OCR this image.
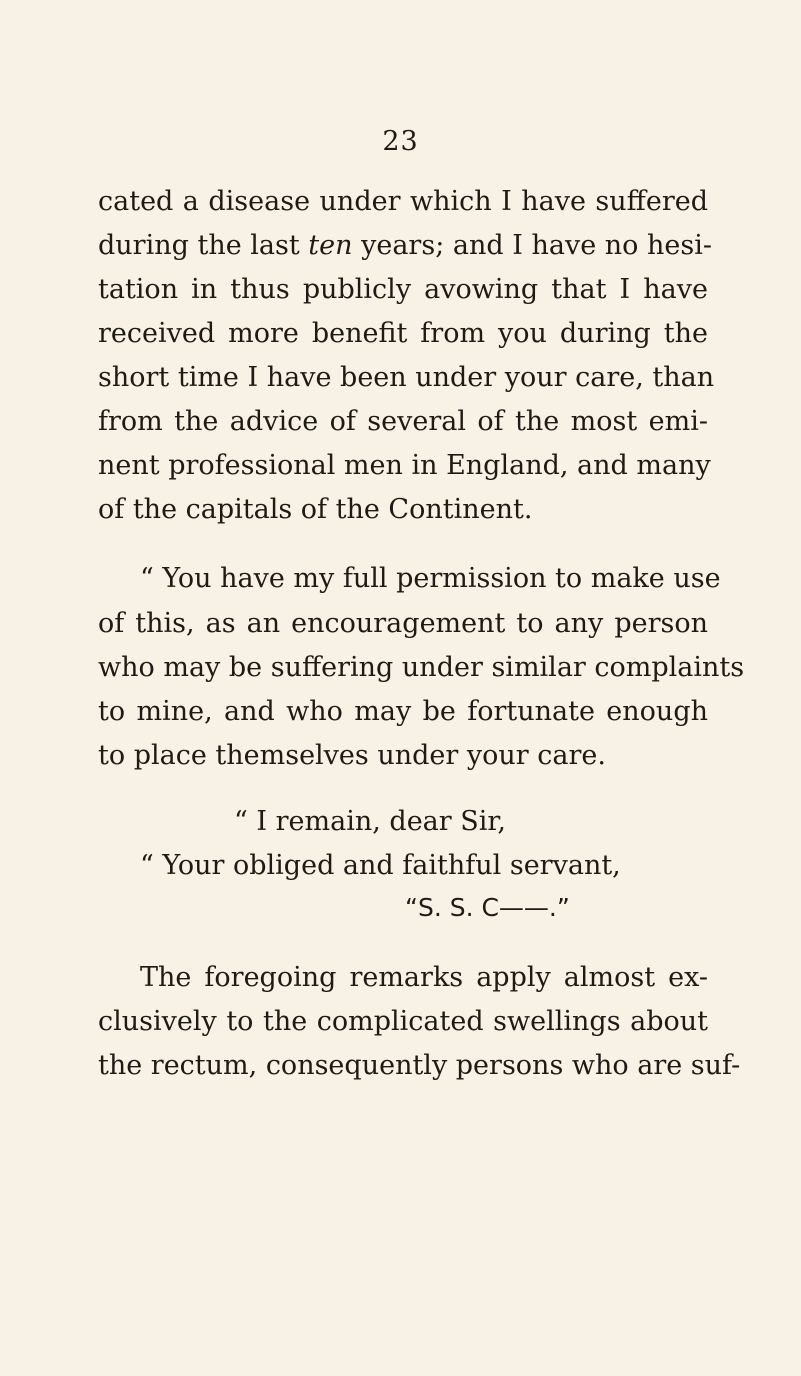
23
cated a disease under which I have suffered
during the last ten years; and I have no hesi-
tation in thus publicly avowing that I have
received more benefit from you during the
short time I have been under your care, than
from the advice of several of the most emi-
nent professional men in England, and many
of the capitals of the Continent.
“ You have my full permission to make use
of this, as an encouragement to any person
who may be suffering under similar complaints
to mine, and who may be fortunate enough
to place themselves under your care.
“ I remain, dear Sir,
“ Your obliged and faithful servant,
“S. S. C——.”
The foregoing remarks apply almost ex-
clusively to the complicated swellings about
the rectum, consequently persons who are suf-
